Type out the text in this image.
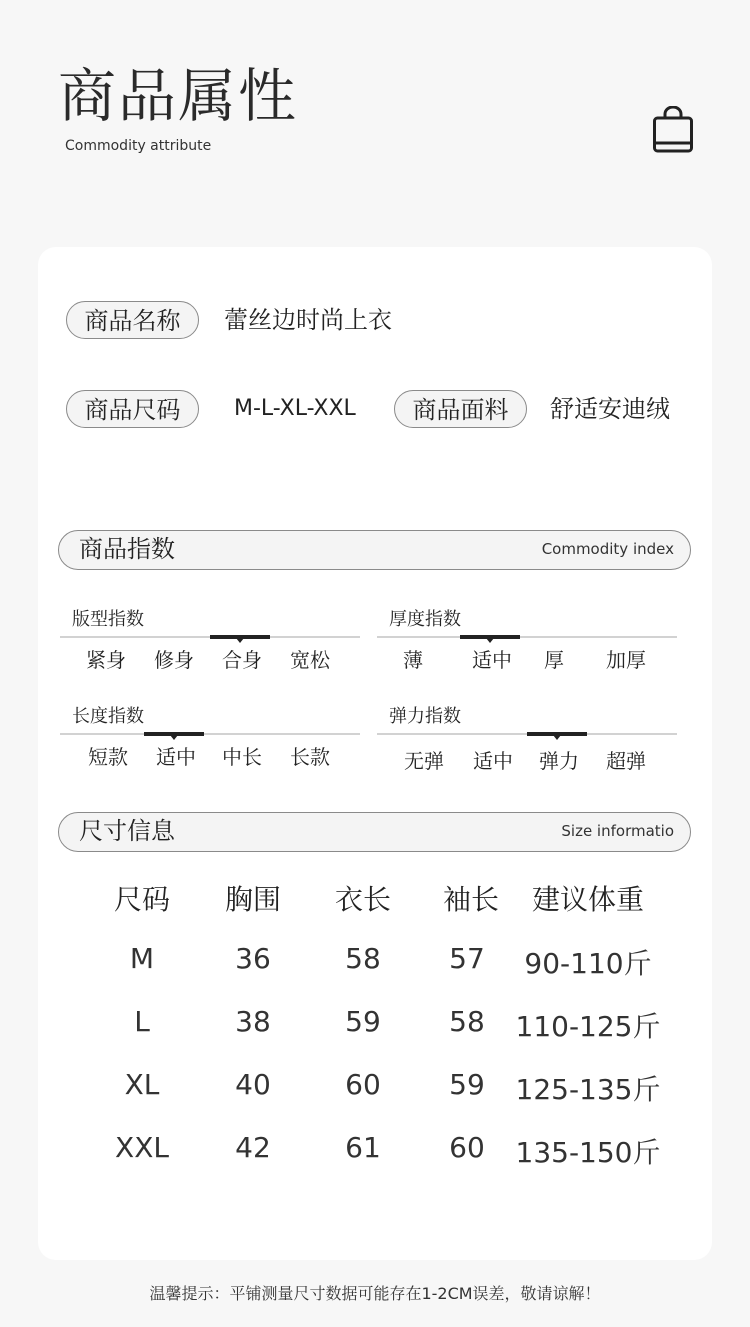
商品属性
Commodity attribute
商品名称	蕾丝边时尚上衣
商品尺码	M-L-XL-XXL	商品面料	舒适安迪绒
商品指数	Commodity index
版型指数
紧身	修身	合身	宽松
厚度指数
薄	适中	厚	加厚
长度指数
短款	适中	中长	长款
弹力指数
无弹	适中	弹力	超弹
尺寸信息	Size informatio
尺码	胸围	衣长	袖长	建议体重
M	36	58	57	90-110斤
L	38	59	58	110-125斤
XL	40	60	59	125-135斤
XXL	42	61	60	135-150斤
温馨提示：平铺测量尺寸数据可能存在1-2CM误差，敬请谅解！
